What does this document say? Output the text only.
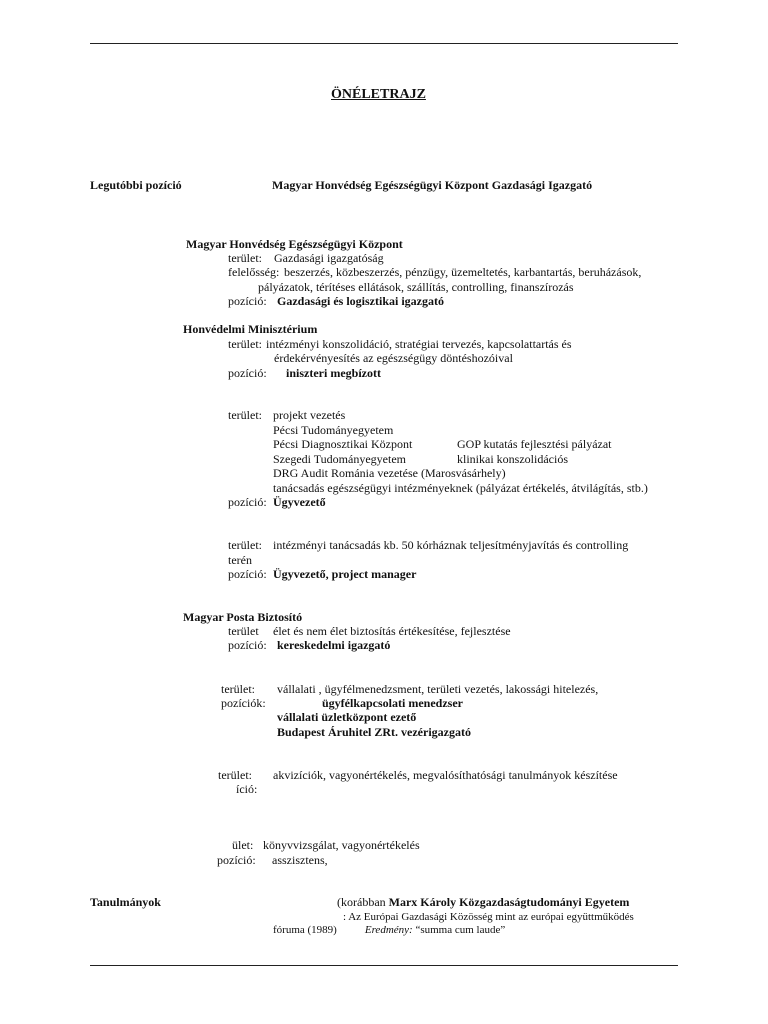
ÖNÉLETRAJZ
Legutóbbi pozíció	Magyar Honvédség Egészségügyi Központ Gazdasági Igazgató
Magyar Honvédség Egészségügyi Központ
terület: Gazdasági igazgatóság
felelősség: beszerzés, közbeszerzés, pénzügy, üzemeltetés, karbantartás, beruházások,
pályázatok, térítéses ellátások, szállítás, controlling, finanszírozás
pozíció: Gazdasági és logisztikai igazgató
Honvédelmi Minisztérium
terület: intézményi konszolidáció, stratégiai tervezés, kapcsolattartás és
érdekérvényesítés az egészségügy döntéshozóival
pozíció: iniszteri megbízott
terület: projekt vezetés
Pécsi Tudományegyetem
Pécsi Diagnosztikai Központ	GOP kutatás fejlesztési pályázat
Szegedi Tudományegyetem	klinikai konszolidációs
DRG Audit Románia vezetése (Marosvásárhely)
tanácsadás egészségügyi intézményeknek (pályázat értékelés, átvilágítás, stb.)
pozíció: Ügyvezető
terület: intézményi tanácsadás kb. 50 kórháznak teljesítményjavítás és controlling
terén
pozíció: Ügyvezető, project manager
Magyar Posta Biztosító
terület élet és nem élet biztosítás értékesítése, fejlesztése
pozíció: kereskedelmi igazgató
terület: vállalati , ügyfélmenedzsment, területi vezetés, lakossági hitelezés,
pozíciók:	ügyfélkapcsolati menedzser
vállalati üzletközpont ezető
Budapest Áruhitel ZRt. vezérigazgató
terület: akvizíciók, vagyonértékelés, megvalósíthatósági tanulmányok készítése
íció:
ület: könyvvizsgálat, vagyonértékelés
pozíció: asszisztens,
Tanulmányok	(korábban Marx Károly Közgazdaságtudományi Egyetem
: Az Európai Gazdasági Közösség mint az európai együttműködés
fóruma (1989)	Eredmény: “summa cum laude”
